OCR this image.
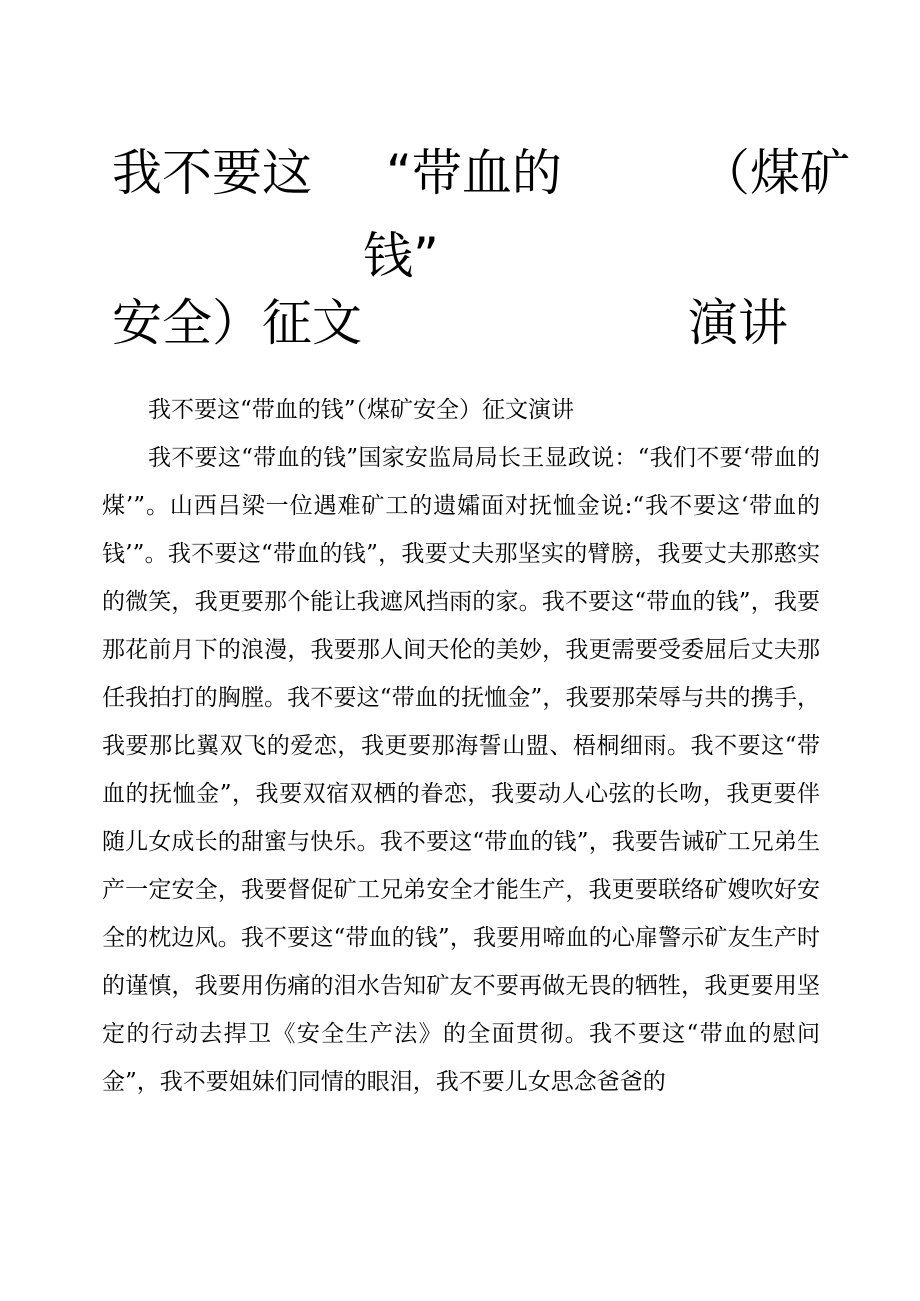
我不要这 “带血的	（煤矿
钱”
安全）征文	演讲

我不要这“带血的钱”（煤矿安全）征文演讲

我不要这“带血的钱”国家安监局局长王显政说：“我们不要‘带血的煤’”。山西吕梁一位遇难矿工的遗孀面对抚恤金说:“我不要这‘带血的钱’”。我不要这“带血的钱”，我要丈夫那坚实的臂膀，我要丈夫那憨实的微笑，我更要那个能让我遮风挡雨的家。我不要这“带血的钱”，我要那花前月下的浪漫，我要那人间天伦的美妙，我更需要受委屈后丈夫那任我拍打的胸膛。我不要这“带血的抚恤金”，我要那荣辱与共的携手，我要那比翼双飞的爱恋，我更要那海誓山盟、梧桐细雨。我不要这“带血的抚恤金”，我要双宿双栖的眷恋，我要动人心弦的长吻，我更要伴随儿女成长的甜蜜与快乐。我不要这“带血的钱”，我要告诫矿工兄弟生产一定安全，我要督促矿工兄弟安全才能生产，我更要联络矿嫂吹好安全的枕边风。我不要这“带血的钱”，我要用啼血的心扉警示矿友生产时的谨慎，我要用伤痛的泪水告知矿友不要再做无畏的牺牲，我更要用坚定的行动去捍卫《安全生产法》的全面贯彻。我不要这“带血的慰问金”，我不要姐妹们同情的眼泪，我不要儿女思念爸爸的
